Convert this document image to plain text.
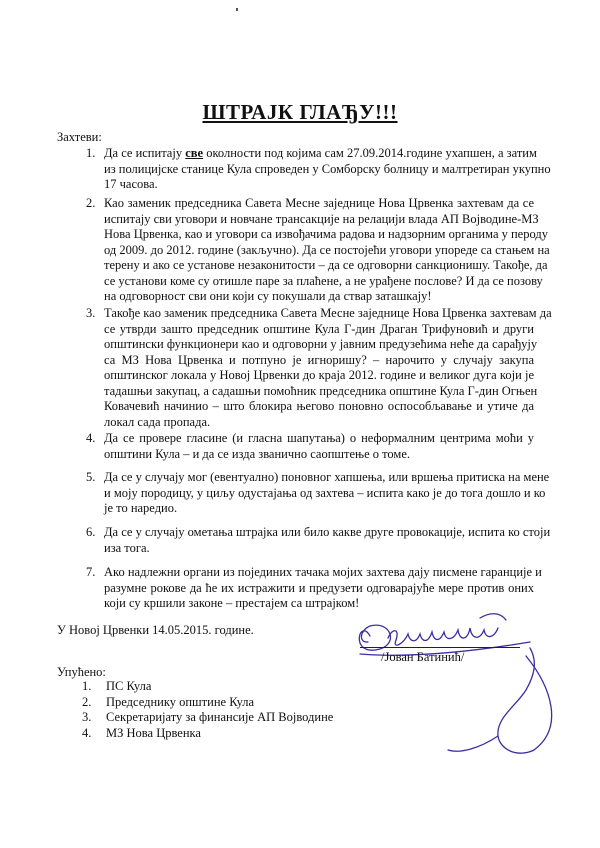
ШТРАЈК ГЛАЂУ!!!
Захтеви:
1. Да се испитају све околности под којима сам 27.09.2014.године ухапшен, а затим
из полицијске станице Кула спроведен у Сомборску болницу и малтретиран укупно
17 часова.
2. Као заменик председника Савета Месне заједнице Нова Црвенка захтевам да се
испитају сви уговори и новчане трансакције на релацији влада АП Војводине-МЗ
Нова Црвенка, као и уговори са извођачима радова и надзорним органима у пероду
од 2009. до 2012. године (закључно). Да се постојећи уговори упореде са стањем на
терену и ако се установе незаконитости – да се одговорни санкционишу. Такође, да
се установи коме су отишле паре за плаћене, а не урађене послове? И да се позову
на одговорност сви они који су покушали да ствар заташкају!
3. Такође као заменик председника Савета Месне заједнице Нова Црвенка захтевам да
се утврди зашто председник општине Кула Г-дин Драган Трифуновић и други
општински функционери као и одговорни у јавним предузећима неће да сарађују
са МЗ Нова Црвенка и потпуно је игноришу? – нарочито у случају закупа
општинског локала у Новој Црвенки до краја 2012. године и великог дуга који је
тадашњи закупац, а садашњи помоћник председника општине Кула Г-дин Огњен
Ковачевић начинио – што блокира његово поновно оспособљавање и утиче да
локал сада пропада.
4. Да се провере гласине (и гласна шапутања) о неформалним центрима моћи у
општини Кула – и да се изда званично саопштење о томе.
5. Да се у случају мог (евентуално) поновног хапшења, или вршења притиска на мене
и моју породицу, у циљу одустајања од захтева – испита како је до тога дошло и ко
је то наредио.
6. Да се у случају ометања штрајка или било какве друге провокације, испита ко стоји
иза тога.
7. Ако надлежни органи из појединих тачака мојих захтева дају писмене гаранције и
разумне рокове да ће их истражити и предузети одговарајуће мере против оних
који су кршили законе – престајем са штрајком!
У Новој Црвенки 14.05.2015. године.
/Јован Батинић/
Упућено:
1. ПС Кула
2. Председнику општине Кула
3. Секретаријату за финансије АП Војводине
4. МЗ Нова Црвенка
